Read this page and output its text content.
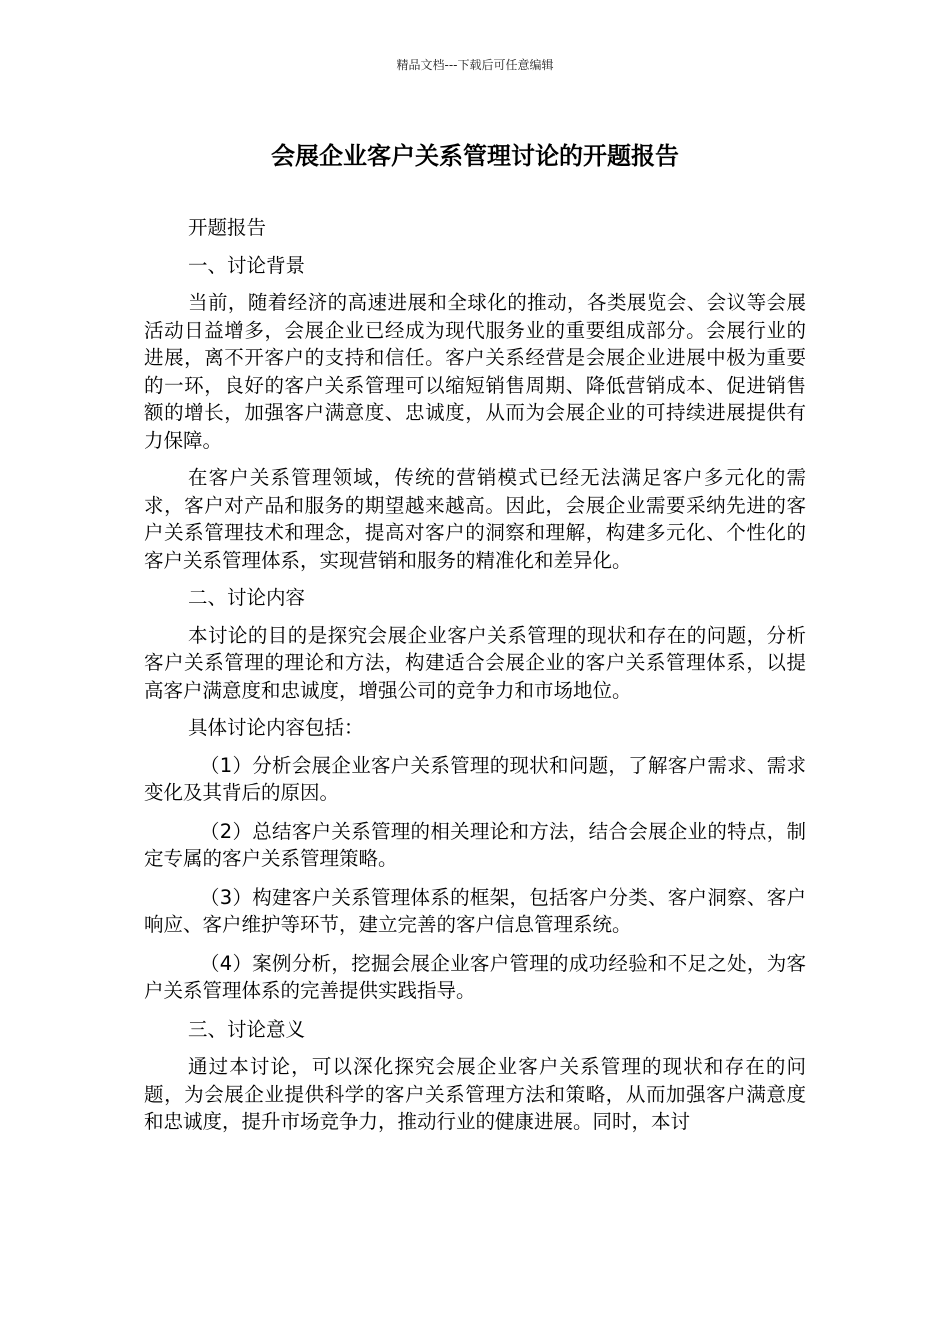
精品文档---下载后可任意编辑
会展企业客户关系管理讨论的开题报告

开题报告

一、讨论背景

当前，随着经济的高速进展和全球化的推动，各类展览会、会议等会展活动日益增多，会展企业已经成为现代服务业的重要组成部分。会展行业的进展，离不开客户的支持和信任。客户关系经营是会展企业进展中极为重要的一环，良好的客户关系管理可以缩短销售周期、降低营销成本、促进销售额的增长，加强客户满意度、忠诚度，从而为会展企业的可持续进展提供有力保障。

在客户关系管理领域，传统的营销模式已经无法满足客户多元化的需求，客户对产品和服务的期望越来越高。因此，会展企业需要采纳先进的客户关系管理技术和理念，提高对客户的洞察和理解，构建多元化、个性化的客户关系管理体系，实现营销和服务的精准化和差异化。

二、讨论内容

本讨论的目的是探究会展企业客户关系管理的现状和存在的问题，分析客户关系管理的理论和方法，构建适合会展企业的客户关系管理体系，以提高客户满意度和忠诚度，增强公司的竞争力和市场地位。

具体讨论内容包括：

（1）分析会展企业客户关系管理的现状和问题，了解客户需求、需求变化及其背后的原因。

（2）总结客户关系管理的相关理论和方法，结合会展企业的特点，制定专属的客户关系管理策略。

（3）构建客户关系管理体系的框架，包括客户分类、客户洞察、客户响应、客户维护等环节，建立完善的客户信息管理系统。

（4）案例分析，挖掘会展企业客户管理的成功经验和不足之处，为客户关系管理体系的完善提供实践指导。

三、讨论意义

通过本讨论，可以深化探究会展企业客户关系管理的现状和存在的问题，为会展企业提供科学的客户关系管理方法和策略，从而加强客户满意度和忠诚度，提升市场竞争力，推动行业的健康进展。同时，本讨
